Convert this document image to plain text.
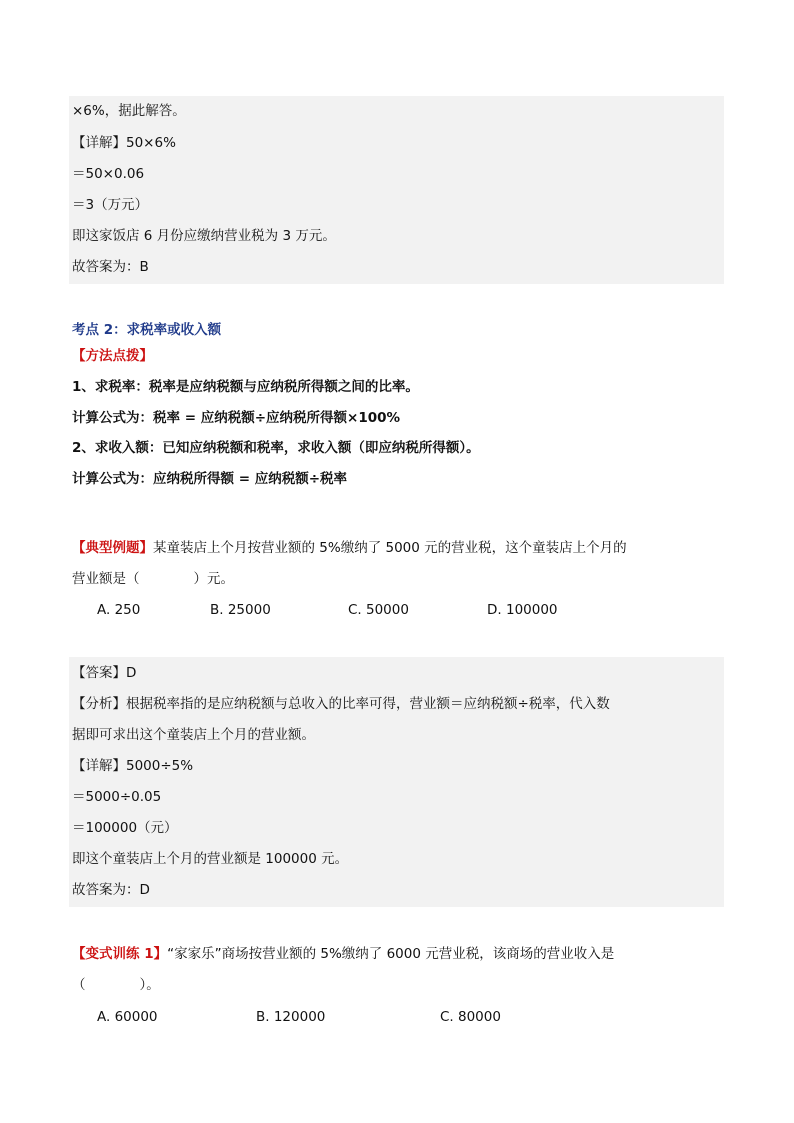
×6%，据此解答。
【详解】50×6%
＝50×0.06
＝3（万元）
即这家饭店 6 月份应缴纳营业税为 3 万元。
故答案为：B
考点 2：求税率或收入额
【方法点拨】
1、求税率：税率是应纳税额与应纳税所得额之间的比率。
计算公式为：税率 = 应纳税额÷应纳税所得额×100%
2、求收入额：已知应纳税额和税率，求收入额（即应纳税所得额）。
计算公式为：应纳税所得额 = 应纳税额÷税率
【典型例题】某童装店上个月按营业额的 5%缴纳了 5000 元的营业税，这个童装店上个月的
营业额是（　　　　）元。
A. 250	B. 25000	C. 50000	D. 100000
【答案】D
【分析】根据税率指的是应纳税额与总收入的比率可得，营业额＝应纳税额÷税率，代入数
据即可求出这个童装店上个月的营业额。
【详解】5000÷5%
＝5000÷0.05
＝100000（元）
即这个童装店上个月的营业额是 100000 元。
故答案为：D
【变式训练 1】“家家乐”商场按营业额的 5%缴纳了 6000 元营业税，该商场的营业收入是
（　　　　）。
A. 60000	B. 120000	C. 80000
